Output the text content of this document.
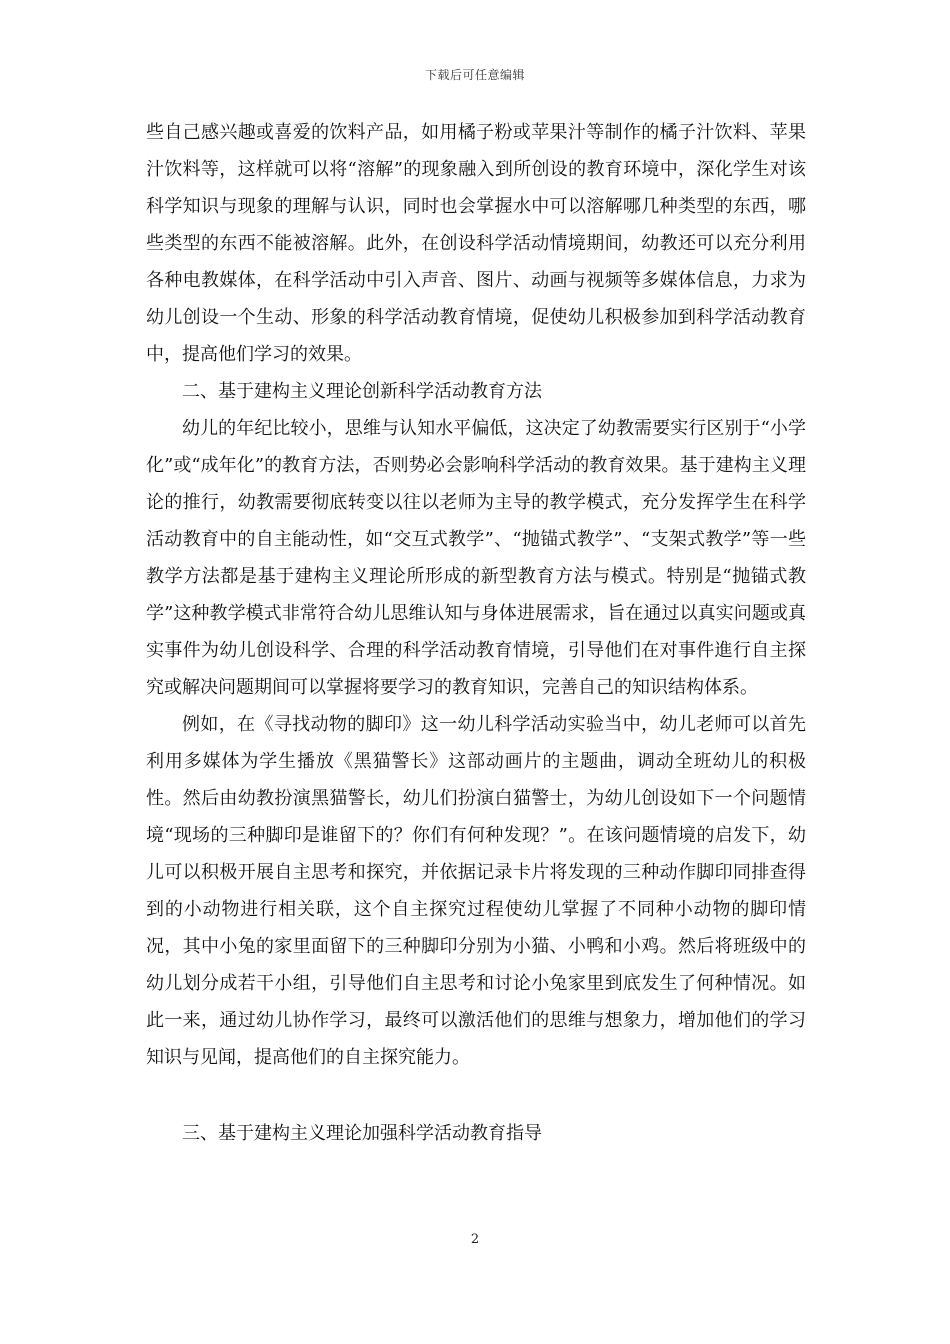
下载后可任意编辑

些自己感兴趣或喜爱的饮料产品，如用橘子粉或苹果汁等制作的橘子汁饮料、苹果汁饮料等，这样就可以将“溶解”的现象融入到所创设的教育环境中，深化学生对该科学知识与现象的理解与认识，同时也会掌握水中可以溶解哪几种类型的东西，哪些类型的东西不能被溶解。此外，在创设科学活动情境期间，幼教还可以充分利用各种电教媒体，在科学活动中引入声音、图片、动画与视频等多媒体信息，力求为幼儿创设一个生动、形象的科学活动教育情境，促使幼儿积极参加到科学活动教育中，提高他们学习的效果。

二、基于建构主义理论创新科学活动教育方法

幼儿的年纪比较小，思维与认知水平偏低，这决定了幼教需要实行区别于“小学化”或“成年化”的教育方法，否则势必会影响科学活动的教育效果。基于建构主义理论的推行，幼教需要彻底转变以往以老师为主导的教学模式，充分发挥学生在科学活动教育中的自主能动性，如“交互式教学”、“抛锚式教学”、“支架式教学”等一些教学方法都是基于建构主义理论所形成的新型教育方法与模式。特别是“抛锚式教学”这种教学模式非常符合幼儿思维认知与身体进展需求，旨在通过以真实问题或真实事件为幼儿创设科学、合理的科学活动教育情境，引导他们在对事件進行自主探究或解决问题期间可以掌握将要学习的教育知识，完善自己的知识结构体系。

例如，在《寻找动物的脚印》这一幼儿科学活动实验当中，幼儿老师可以首先利用多媒体为学生播放《黑猫警长》这部动画片的主题曲，调动全班幼儿的积极性。然后由幼教扮演黑猫警长，幼儿们扮演白猫警士，为幼儿创设如下一个问题情境“现场的三种脚印是谁留下的？你们有何种发现？”。在该问题情境的启发下，幼儿可以积极开展自主思考和探究，并依据记录卡片将发现的三种动作脚印同排查得到的小动物进行相关联，这个自主探究过程使幼儿掌握了不同种小动物的脚印情况，其中小兔的家里面留下的三种脚印分别为小猫、小鸭和小鸡。然后将班级中的幼儿划分成若干小组，引导他们自主思考和讨论小兔家里到底发生了何种情况。如此一来，通过幼儿协作学习，最终可以激活他们的思维与想象力，增加他们的学习知识与见闻，提高他们的自主探究能力。

三、基于建构主义理论加强科学活动教育指导

2
